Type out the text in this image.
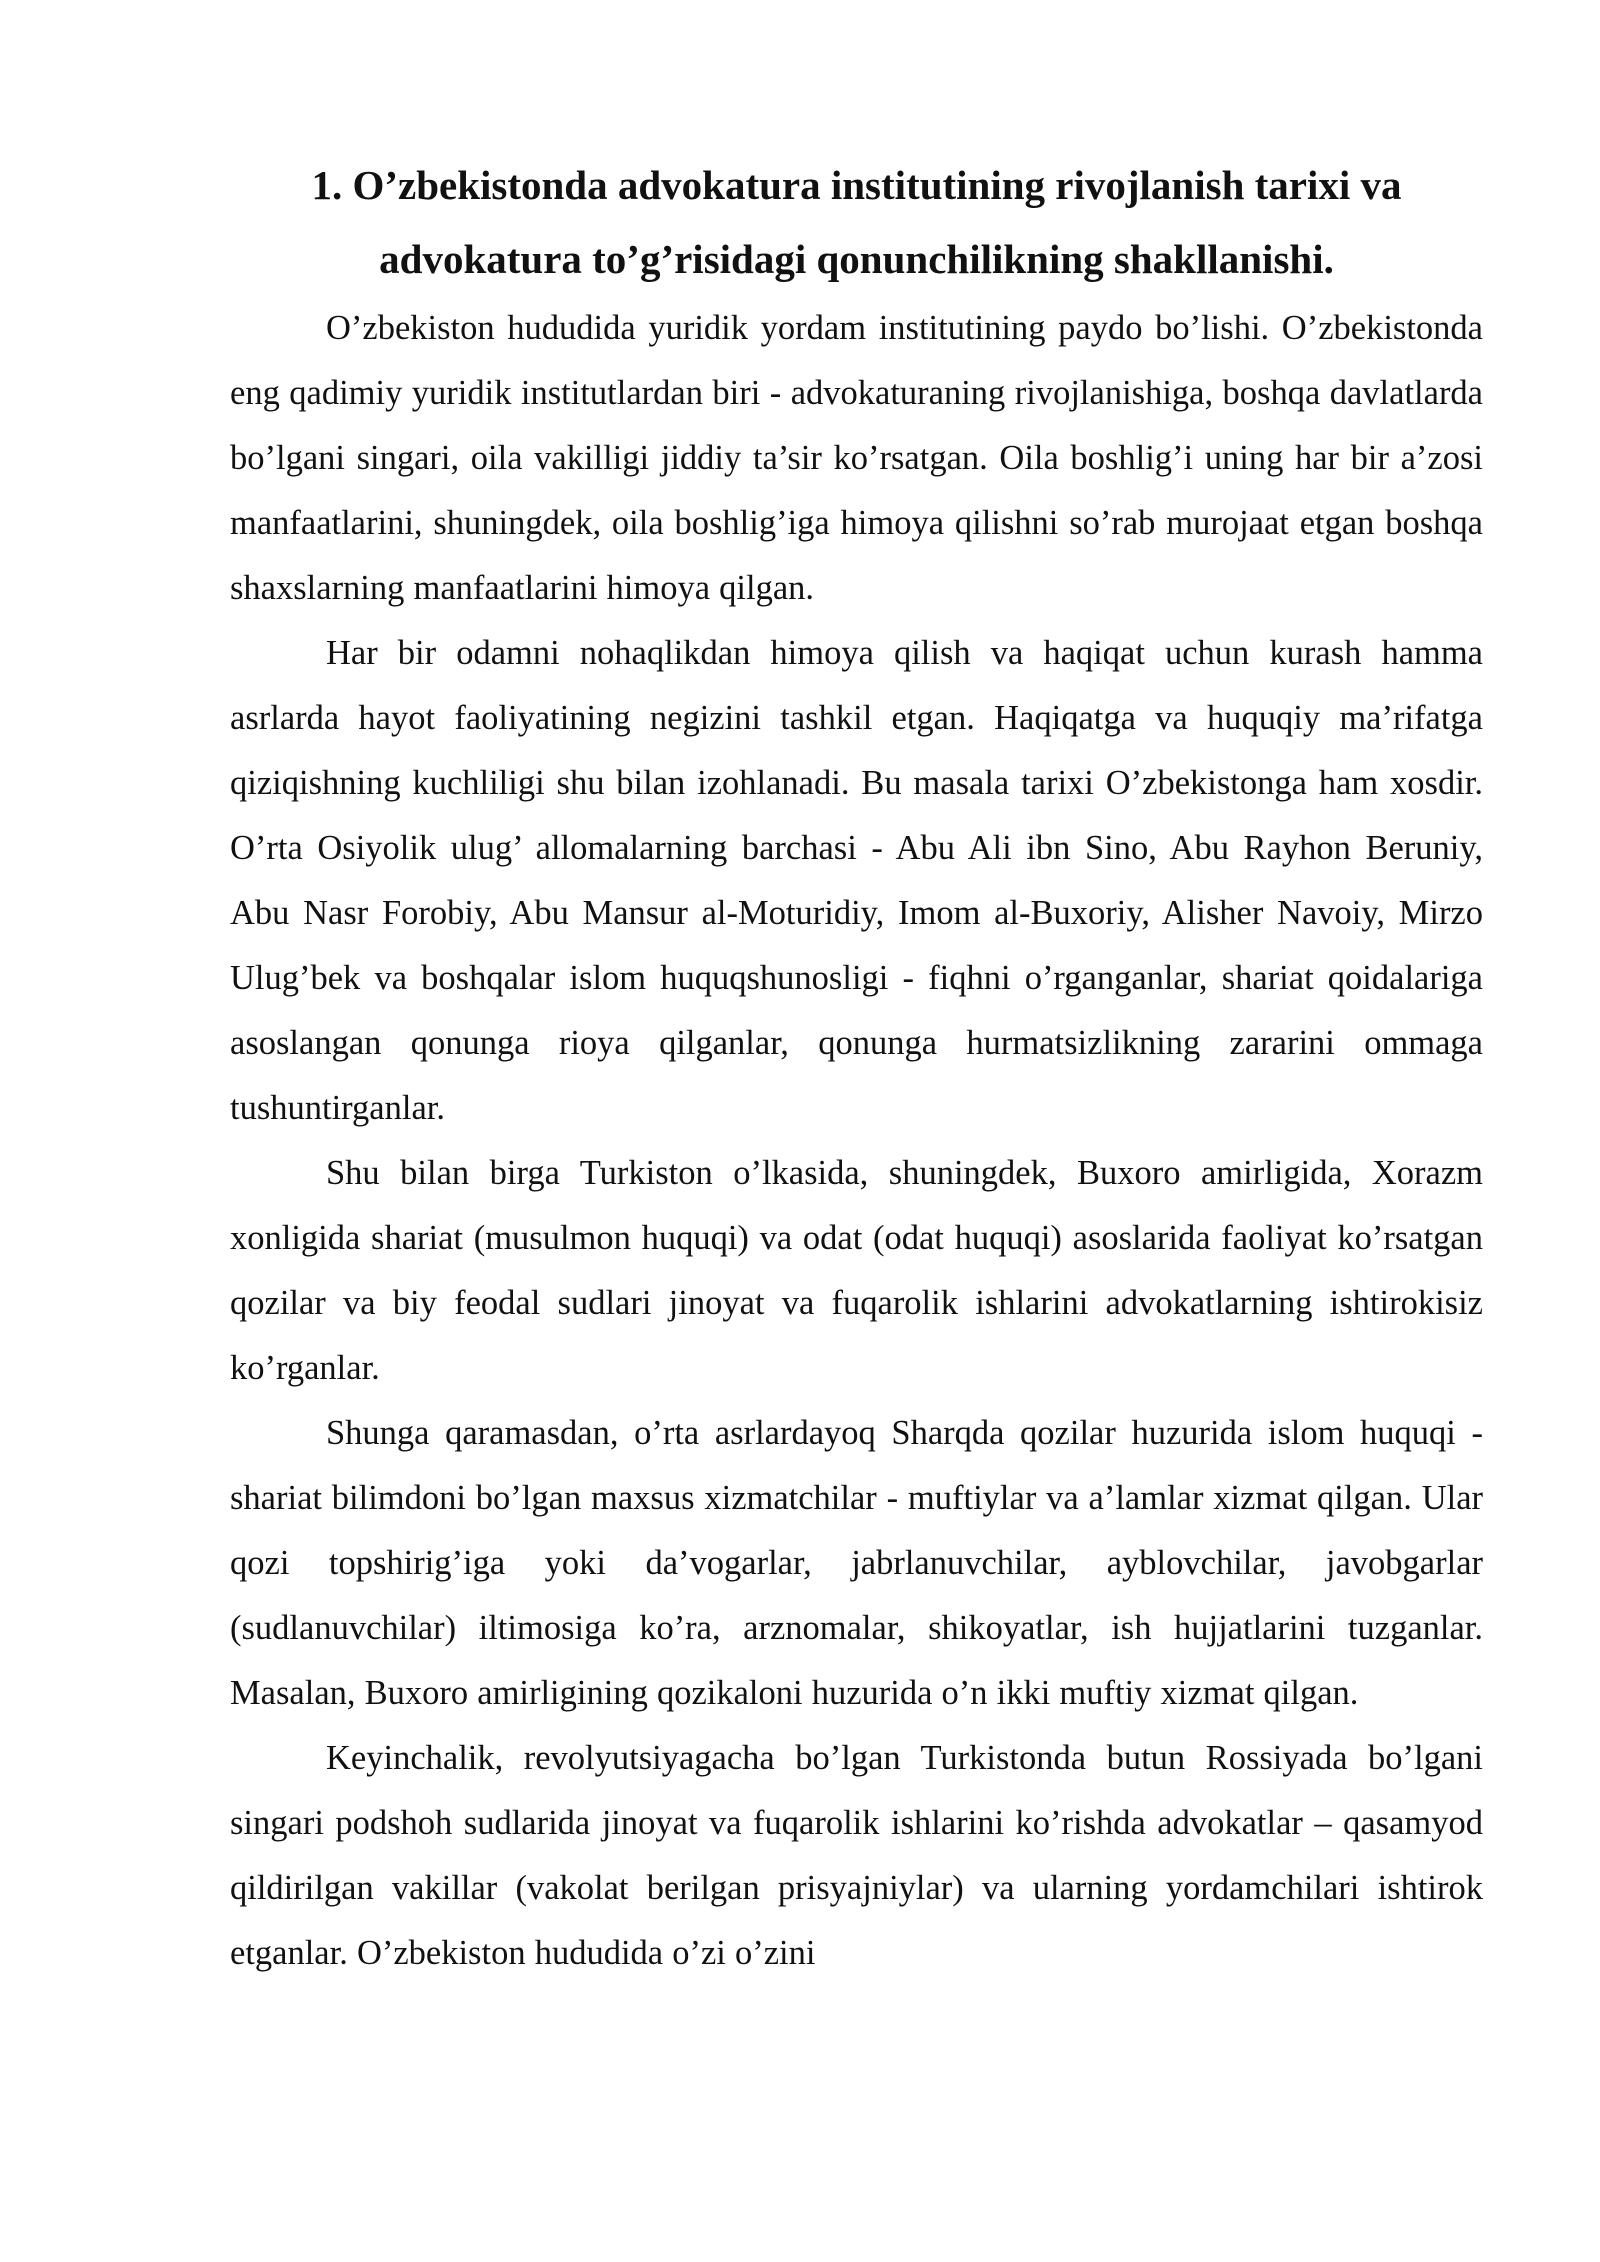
1. O’zbekistonda advokatura institutining rivojlanish tarixi va advokatura to’g’risidagi qonunchilikning shakllanishi.

O’zbekiston hududida yuridik yordam institutining paydo bo’lishi. O’zbekistonda eng qadimiy yuridik institutlardan biri - advokaturaning rivojlanishiga, boshqa davlatlarda bo’lgani singari, oila vakilligi jiddiy ta’sir ko’rsatgan. Oila boshlig’i uning har bir a’zosi manfaatlarini, shuningdek, oila boshlig’iga himoya qilishni so’rab murojaat etgan boshqa shaxslarning manfaatlarini himoya qilgan.

Har bir odamni nohaqlikdan himoya qilish va haqiqat uchun kurash hamma asrlarda hayot faoliyatining negizini tashkil etgan. Haqiqatga va huquqiy ma’rifatga qiziqishning kuchliligi shu bilan izohlanadi. Bu masala tarixi O’zbekistonga ham xosdir. O’rta Osiyolik ulug’ allomalarning barchasi - Abu Ali ibn Sino, Abu Rayhon Beruniy, Abu Nasr Forobiy, Abu Mansur al-Moturidiy, Imom al-Buxoriy, Alisher Navoiy, Mirzo Ulug’bek va boshqalar islom huquqshunosligi - fiqhni o’rganganlar, shariat qoidalariga asoslangan qonunga rioya qilganlar, qonunga hurmatsizlikning zararini ommaga tushuntirganlar.

Shu bilan birga Turkiston o’lkasida, shuningdek, Buxoro amirligida, Xorazm xonligida shariat (musulmon huquqi) va odat (odat huquqi) asoslarida faoliyat ko’rsatgan qozilar va biy feodal sudlari jinoyat va fuqarolik ishlarini advokatlarning ishtirokisiz ko’rganlar.

Shunga qaramasdan, o’rta asrlardayoq Sharqda qozilar huzurida islom huquqi - shariat bilimdoni bo’lgan maxsus xizmatchilar - muftiylar va a’lamlar xizmat qilgan. Ular qozi topshirig’iga yoki da’vogarlar, jabrlanuvchilar, ayblovchilar, javobgarlar (sudlanuvchilar) iltimosiga ko’ra, arznomalar, shikoyatlar, ish hujjatlarini tuzganlar. Masalan, Buxoro amirligining qozikaloni huzurida o’n ikki muftiy xizmat qilgan.

Keyinchalik, revolyutsiyagacha bo’lgan Turkistonda butun Rossiyada bo’lgani singari podshoh sudlarida jinoyat va fuqarolik ishlarini ko’rishda advokatlar – qasamyod qildirilgan vakillar (vakolat berilgan prisyajniylar) va ularning yordamchilari ishtirok etganlar. O’zbekiston hududida o’zi o’zini
